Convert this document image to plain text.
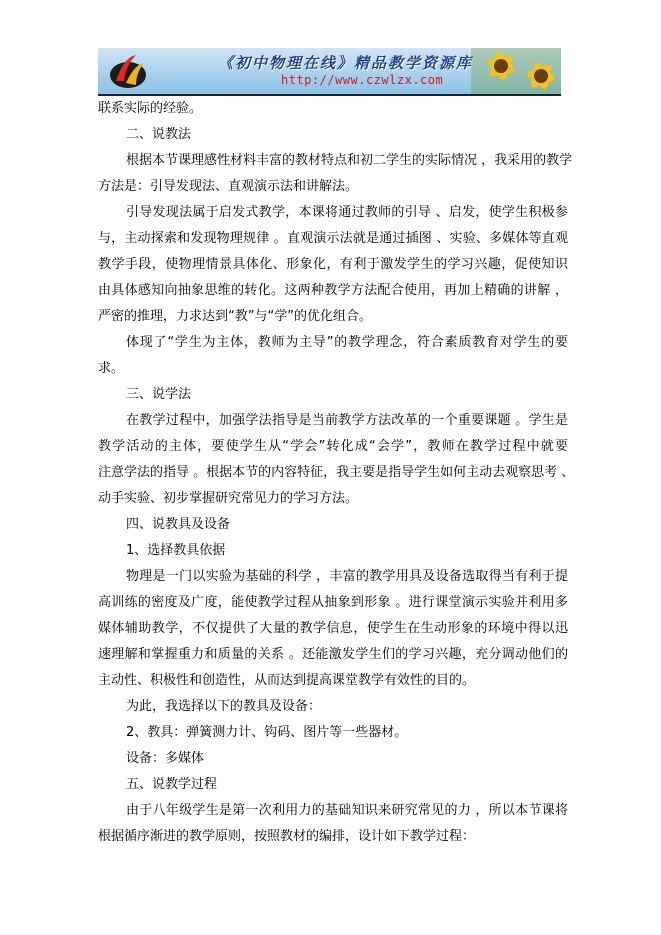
《初中物理在线》精品教学资源库
http://www.czwlzx.com
联系实际的经验。
二、说教法
根据本节课理感性材料丰富的教材特点和初二学生的实际情况 ，我采用的教学
方法是：引导发现法、直观演示法和讲解法。
引导发现法属于启发式教学，本课将通过教师的引导 、启发，使学生积极参
与，主动探索和发现物理规律 。直观演示法就是通过插图 、实验、多媒体等直观
教学手段，使物理情景具体化、形象化，有利于激发学生的学习兴趣，促使知识
由具体感知向抽象思维的转化。这两种教学方法配合使用，再加上精确的讲解 ，
严密的推理，力求达到“教”与“学”的优化组合。
体现了“学生为主体，教师为主导”的教学理念，符合素质教育对学生的要
求。
三、说学法
在教学过程中，加强学法指导是当前教学方法改革的一个重要课题 。学生是
教学活动的主体，要使学生从“学会”转化成“会学”，教师在教学过程中就要
注意学法的指导 。根据本节的内容特征，我主要是指导学生如何主动去观察思考 、
动手实验、初步掌握研究常见力的学习方法。
四、说教具及设备
1、选择教具依据
物理是一门以实验为基础的科学 ，丰富的教学用具及设备选取得当有利于提
高训练的密度及广度，能使教学过程从抽象到形象 。进行课堂演示实验并利用多
媒体辅助教学，不仅提供了大量的教学信息，使学生在生动形象的环境中得以迅
速理解和掌握重力和质量的关系 。还能激发学生们的学习兴趣，充分调动他们的
主动性、积极性和创造性，从而达到提高课堂教学有效性的目的。
为此，我选择以下的教具及设备：
2、教具：弹簧测力计、钩码、图片等一些器材。
设备：多媒体
五、说教学过程
由于八年级学生是第一次利用力的基础知识来研究常见的力 ，所以本节课将
根据循序渐进的教学原则，按照教材的编排，设计如下教学过程：
